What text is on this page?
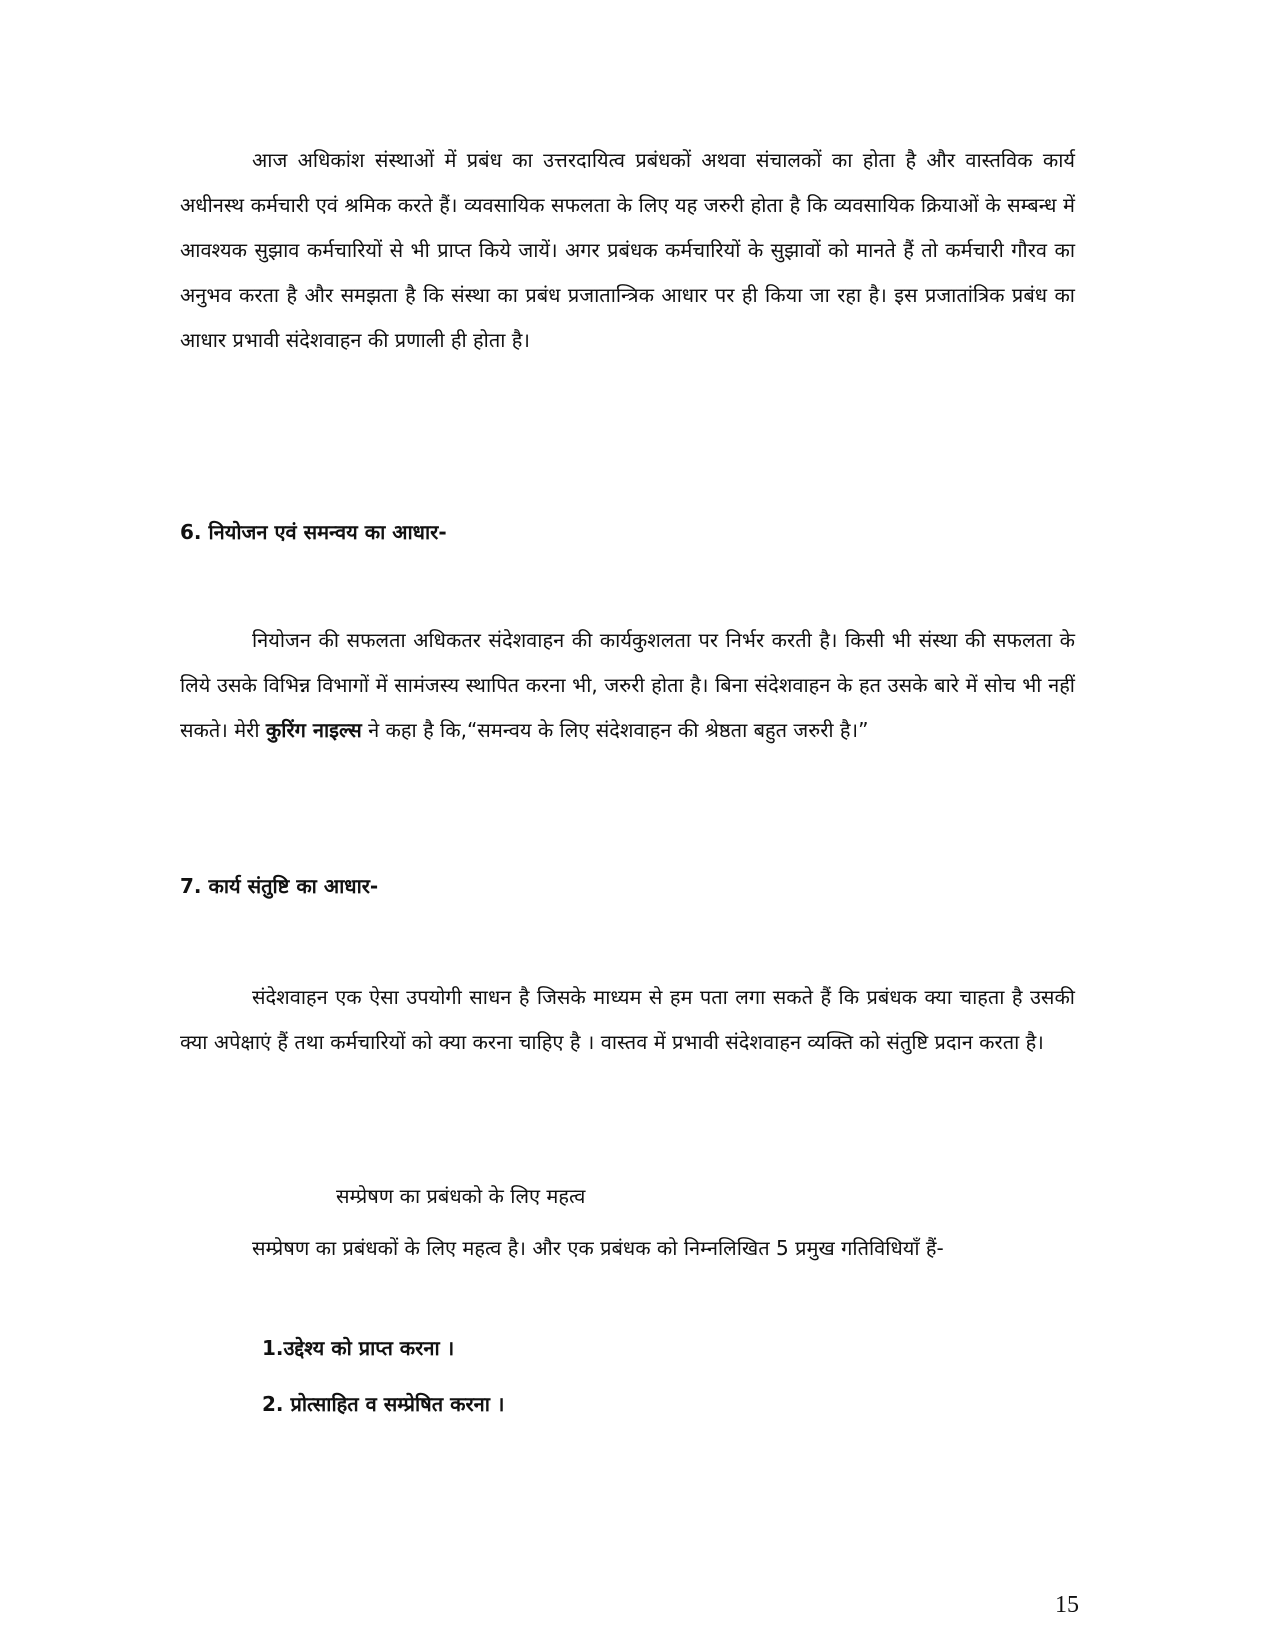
आज अधिकांश संस्थाओं में प्रबंध का उत्तरदायित्व प्रबंधकों अथवा संचालकों का होता है और वास्तविक कार्य अधीनस्थ कर्मचारी एवं श्रमिक करते हैं। व्यवसायिक सफलता के लिए यह जरुरी होता है कि व्यवसायिक क्रियाओं के सम्बन्ध में आवश्यक सुझाव कर्मचारियों से भी प्राप्त किये जायें। अगर प्रबंधक कर्मचारियों के सुझावों को मानते हैं तो कर्मचारी गौरव का अनुभव करता है और समझता है कि संस्था का प्रबंध प्रजातान्त्रिक आधार पर ही किया जा रहा है। इस प्रजातांत्रिक प्रबंध का आधार प्रभावी संदेशवाहन की प्रणाली ही होता है।

6. नियोजन एवं समन्वय का आधार-

नियोजन की सफलता अधिकतर संदेशवाहन की कार्यकुशलता पर निर्भर करती है। किसी भी संस्था की सफलता के लिये उसके विभिन्न विभागों में सामंजस्य स्थापित करना भी, जरुरी होता है। बिना संदेशवाहन के हत उसके बारे में सोच भी नहीं सकते। मेरी कुरिंग नाइल्स ने कहा है कि,“समन्वय के लिए संदेशवाहन की श्रेष्ठता बहुत जरुरी है।”

7. कार्य संतुष्टि का आधार-

संदेशवाहन एक ऐसा उपयोगी साधन है जिसके माध्यम से हम पता लगा सकते हैं कि प्रबंधक क्या चाहता है उसकी क्या अपेक्षाएं हैं तथा कर्मचारियों को क्या करना चाहिए है । वास्तव में प्रभावी संदेशवाहन व्यक्ति को संतुष्टि प्रदान करता है।

सम्प्रेषण का प्रबंधको के लिए महत्व

सम्प्रेषण का प्रबंधकों के लिए महत्व है। और एक प्रबंधक को निम्नलिखित 5 प्रमुख गतिविधियाँ हैं-

1.उद्देश्य को प्राप्त करना ।

2. प्रोत्साहित व सम्प्रेषित करना ।

15
